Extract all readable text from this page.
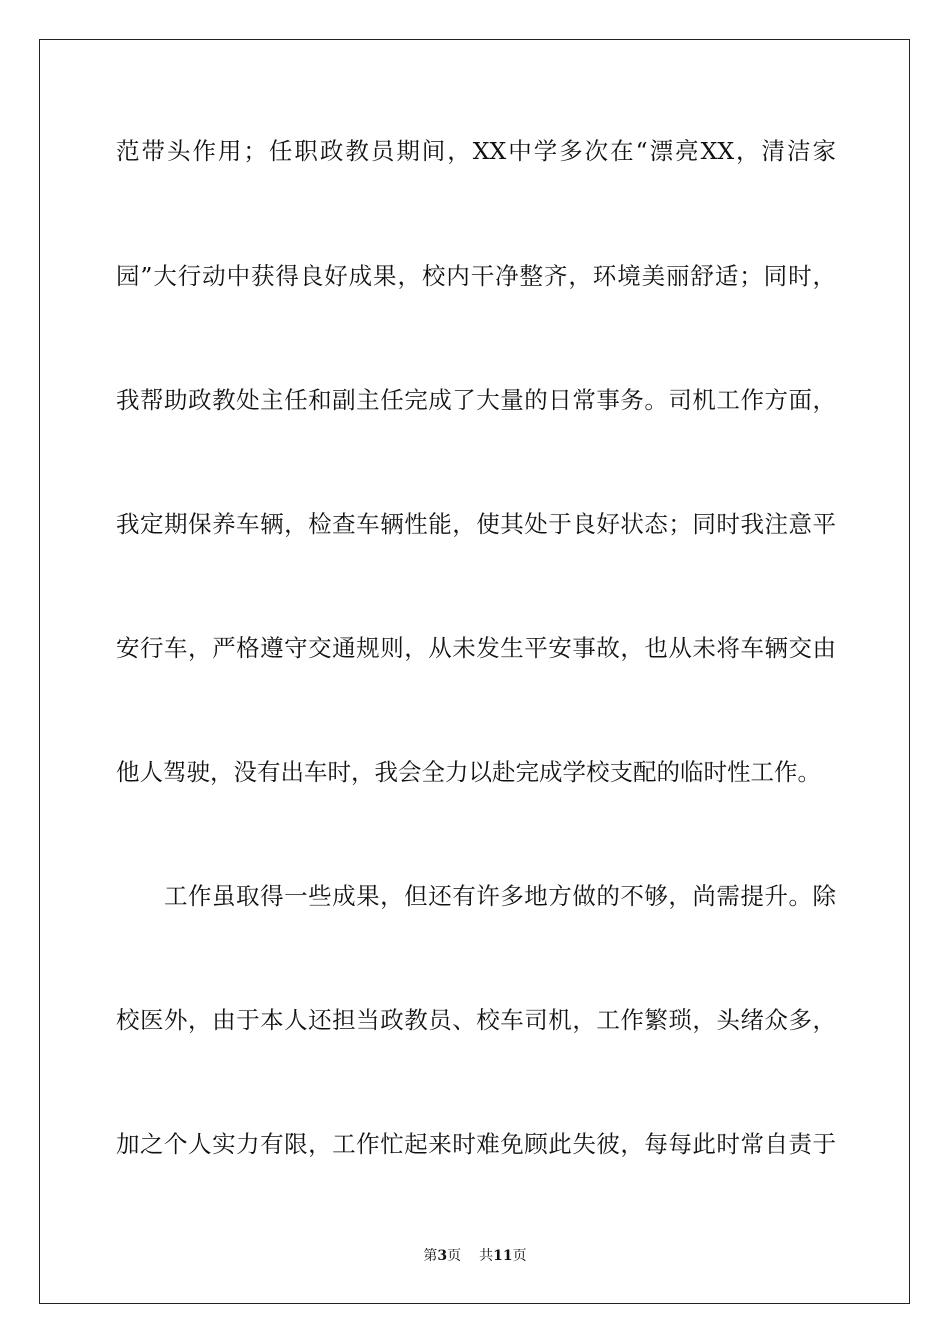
范带头作用；任职政教员期间，XX中学多次在“漂亮XX，清洁家
园”大行动中获得良好成果，校内干净整齐，环境美丽舒适；同时，
我帮助政教处主任和副主任完成了大量的日常事务。司机工作方面，
我定期保养车辆，检查车辆性能，使其处于良好状态；同时我注意平
安行车，严格遵守交通规则，从未发生平安事故，也从未将车辆交由
他人驾驶，没有出车时，我会全力以赴完成学校支配的临时性工作。
工作虽取得一些成果，但还有许多地方做的不够，尚需提升。除
校医外，由于本人还担当政教员、校车司机，工作繁琐，头绪众多，
加之个人实力有限，工作忙起来时难免顾此失彼，每每此时常自责于
第3页 共11页
